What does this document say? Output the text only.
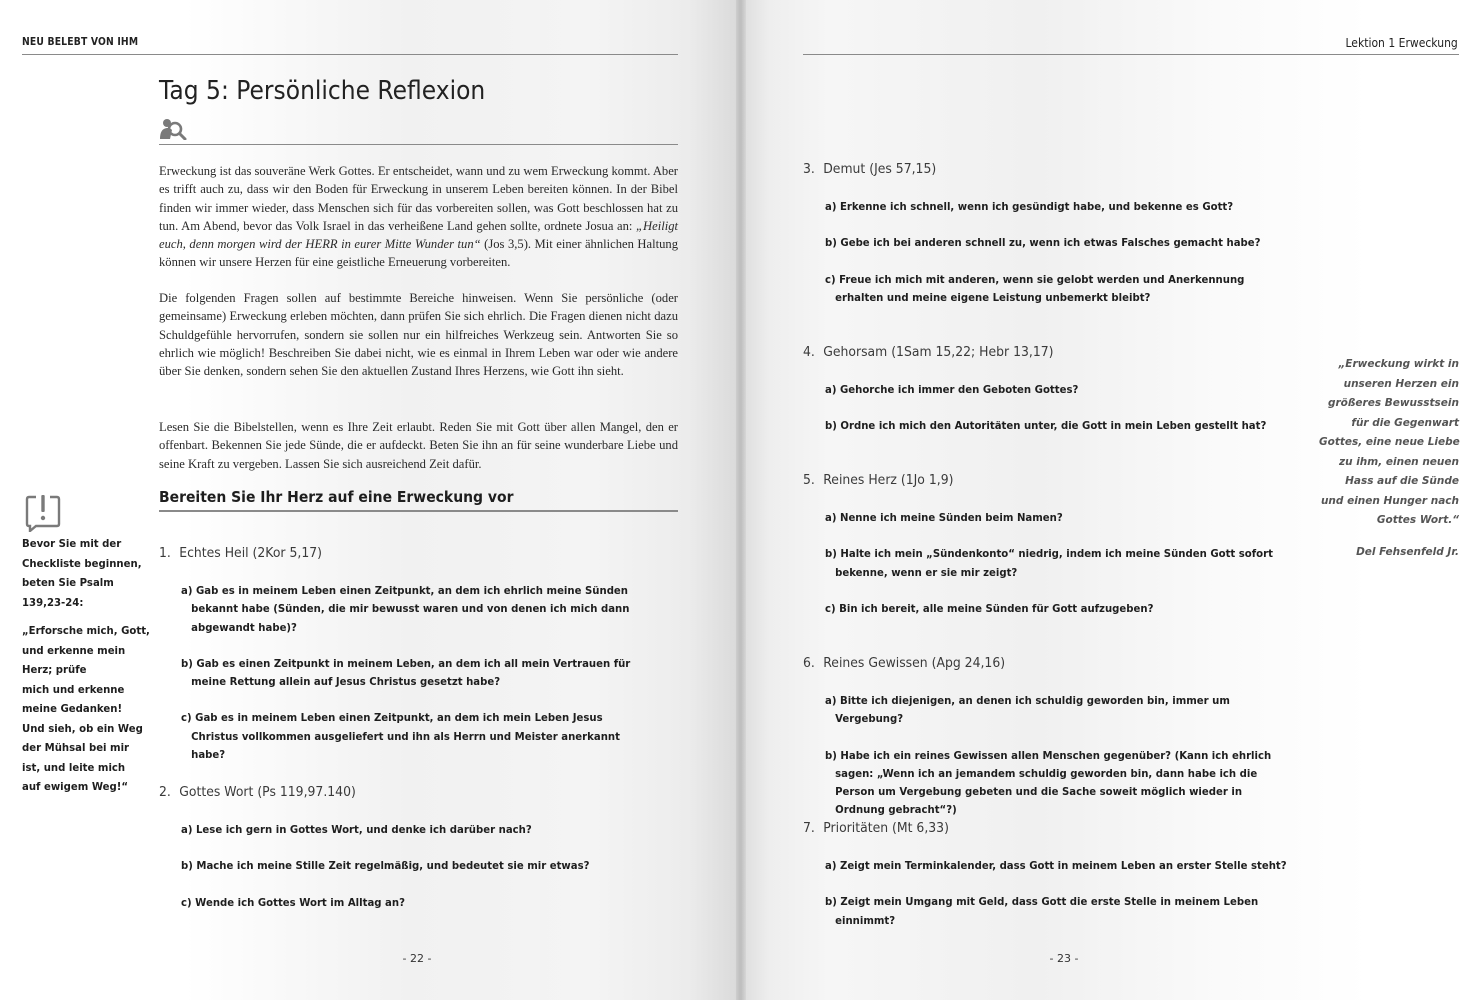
NEU BELEBT VON IHM
Tag 5: Persönliche Reflexion

Erweckung ist das souveräne Werk Gottes. Er entscheidet, wann und zu wem Erweckung kommt. Aber es trifft auch zu, dass wir den Boden für Erweckung in unserem Leben bereiten können. In der Bibel finden wir immer wieder, dass Menschen sich für das vorbereiten sollen, was Gott beschlossen hat zu tun. Am Abend, bevor das Volk Israel in das verheißene Land gehen sollte, ordnete Josua an: „Heiligt euch, denn morgen wird der HERR in eurer Mitte Wunder tun“ (Jos 3,5). Mit einer ähnlichen Haltung können wir unsere Herzen für eine geistliche Erneuerung vorbereiten.

Die folgenden Fragen sollen auf bestimmte Bereiche hinweisen. Wenn Sie persönliche (oder gemeinsame) Erweckung erleben möchten, dann prüfen Sie sich ehrlich. Die Fragen dienen nicht dazu Schuldgefühle hervorrufen, sondern sie sollen nur ein hilfreiches Werkzeug sein. Antworten Sie so ehrlich wie möglich! Beschreiben Sie dabei nicht, wie es einmal in Ihrem Leben war oder wie andere über Sie denken, sondern sehen Sie den aktuellen Zustand Ihres Herzens, wie Gott ihn sieht.

Lesen Sie die Bibelstellen, wenn es Ihre Zeit erlaubt. Reden Sie mit Gott über allen Mangel, den er offenbart. Bekennen Sie jede Sünde, die er aufdeckt. Beten Sie ihn an für seine wunderbare Liebe und seine Kraft zu vergeben. Lassen Sie sich ausreichend Zeit dafür.

Bereiten Sie Ihr Herz auf eine Erweckung vor

Bevor Sie mit der
Checkliste beginnen,
beten Sie Psalm
139,23-24:

„Erforsche mich, Gott,
und erkenne mein
Herz; prüfe
mich und erkenne
meine Gedanken!
Und sieh, ob ein Weg
der Mühsal bei mir
ist, und leite mich
auf ewigem Weg!“

1. Echtes Heil (2Kor 5,17)
a) Gab es in meinem Leben einen Zeitpunkt, an dem ich ehrlich meine Sünden bekannt habe (Sünden, die mir bewusst waren und von denen ich mich dann abgewandt habe)?
b) Gab es einen Zeitpunkt in meinem Leben, an dem ich all mein Vertrauen für meine Rettung allein auf Jesus Christus gesetzt habe?
c) Gab es in meinem Leben einen Zeitpunkt, an dem ich mein Leben Jesus Christus vollkommen ausgeliefert und ihn als Herrn und Meister anerkannt habe?
2. Gottes Wort (Ps 119,97.140)
a) Lese ich gern in Gottes Wort, und denke ich darüber nach?
b) Mache ich meine Stille Zeit regelmäßig, und bedeutet sie mir etwas?
c) Wende ich Gottes Wort im Alltag an?
- 22 -
Lektion 1 Erweckung
3. Demut (Jes 57,15)
a) Erkenne ich schnell, wenn ich gesündigt habe, und bekenne es Gott?
b) Gebe ich bei anderen schnell zu, wenn ich etwas Falsches gemacht habe?
c) Freue ich mich mit anderen, wenn sie gelobt werden und Anerkennung erhalten und meine eigene Leistung unbemerkt bleibt?
4. Gehorsam (1Sam 15,22; Hebr 13,17)
a) Gehorche ich immer den Geboten Gottes?
b) Ordne ich mich den Autoritäten unter, die Gott in mein Leben gestellt hat?
5. Reines Herz (1Jo 1,9)
a) Nenne ich meine Sünden beim Namen?
b) Halte ich mein „Sündenkonto“ niedrig, indem ich meine Sünden Gott sofort bekenne, wenn er sie mir zeigt?
c) Bin ich bereit, alle meine Sünden für Gott aufzugeben?
6. Reines Gewissen (Apg 24,16)
a) Bitte ich diejenigen, an denen ich schuldig geworden bin, immer um Vergebung?
b) Habe ich ein reines Gewissen allen Menschen gegenüber? (Kann ich ehrlich sagen: „Wenn ich an jemandem schuldig geworden bin, dann habe ich die Person um Vergebung gebeten und die Sache soweit möglich wieder in Ordnung gebracht“?)
7. Prioritäten (Mt 6,33)
a) Zeigt mein Terminkalender, dass Gott in meinem Leben an erster Stelle steht?
b) Zeigt mein Umgang mit Geld, dass Gott die erste Stelle in meinem Leben einnimmt?
„Erweckung wirkt in
unseren Herzen ein
größeres Bewusstsein
für die Gegenwart
Gottes, eine neue Liebe
zu ihm, einen neuen
Hass auf die Sünde
und einen Hunger nach
Gottes Wort.“
Del Fehsenfeld Jr.
- 23 -
